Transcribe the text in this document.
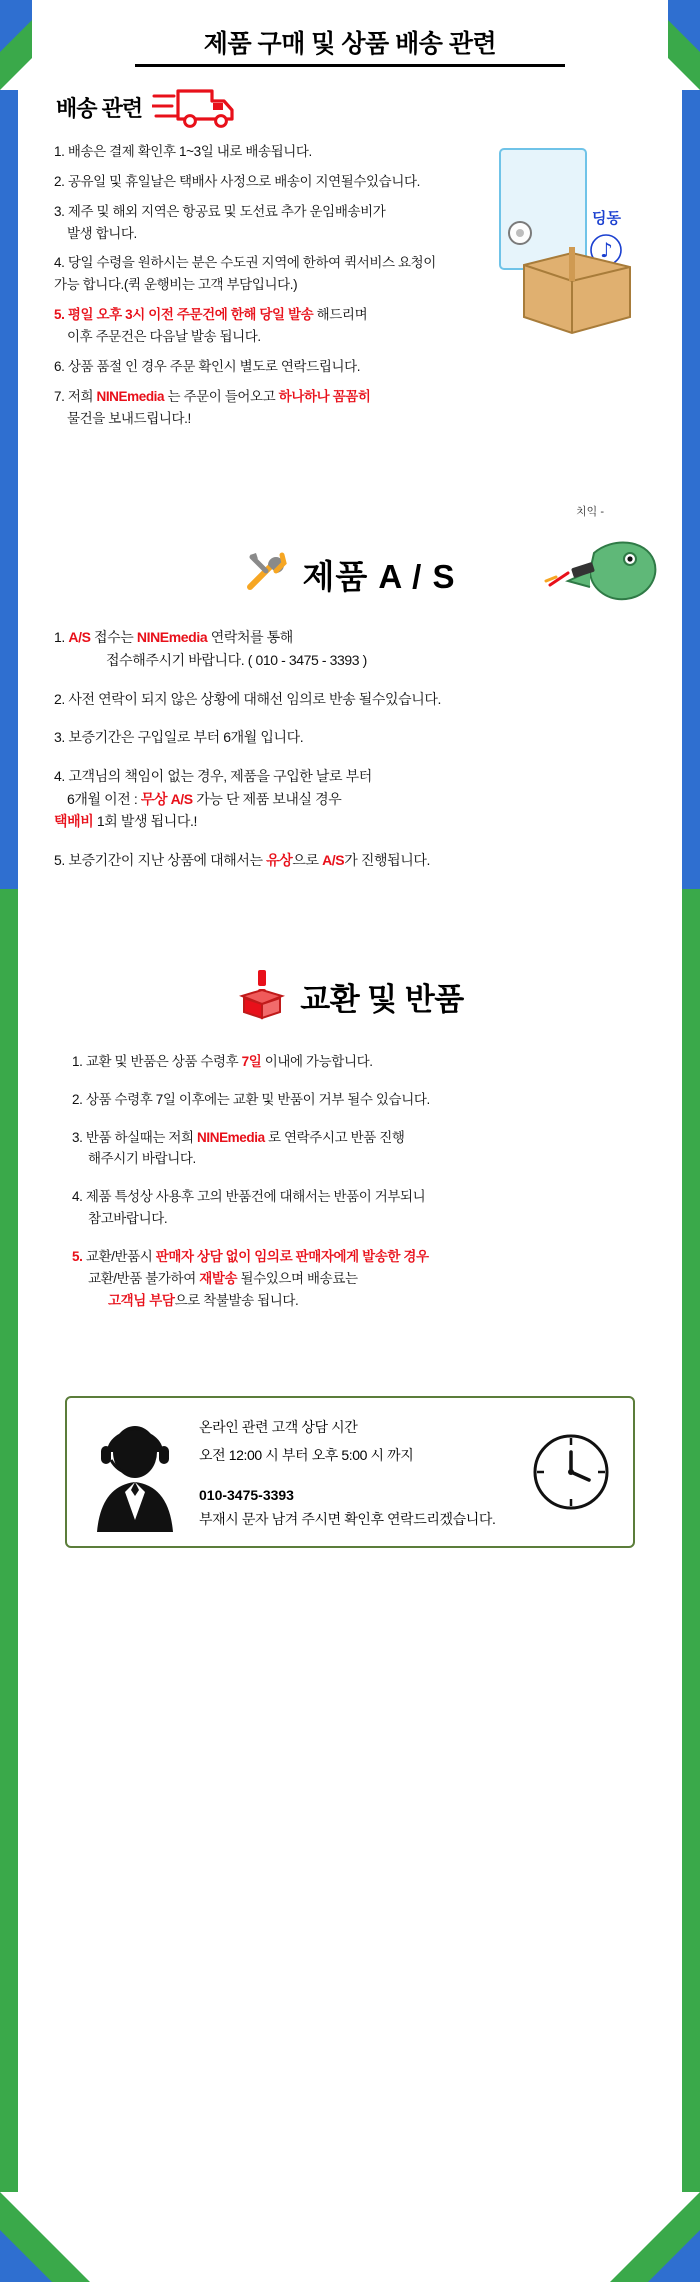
제품 구매 및 상품 배송 관련
배송 관련
딩동
♪
1. 배송은 결제 확인후 1~3일 내로 배송됩니다.
2. 공유일 및 휴일날은 택배사 사정으로 배송이 지연될수있습니다.
3. 제주 및 해외 지역은 항공료 및 도선료 추가 운임배송비가
발생 합니다.
4. 당일 수령을 원하시는 분은 수도권 지역에 한하여 퀵서비스 요청이
가능 합니다.(퀵 운행비는 고객 부담입니다.)
5. 평일 오후 3시 이전 주문건에 한해 당일 발송 해드리며
이후 주문건은 다음날 발송 됩니다.
6. 상품 품절 인 경우 주문 확인시 별도로 연락드립니다.
7. 저희 NINEmedia 는 주문이 들어오고 하나하나 꼼꼼히
물건을 보내드립니다.!
치익 -
제품 A / S
1. A/S 접수는 NINEmedia 연락처를 통해
접수해주시기 바랍니다. ( 010 - 3475 - 3393 )
2. 사전 연락이 되지 않은 상황에 대해선 임의로 반송 될수있습니다.
3. 보증기간은 구입일로 부터 6개월 입니다.
4. 고객님의 책임이 없는 경우, 제품을 구입한 날로 부터
6개월 이전 : 무상 A/S 가능 단 제품 보내실 경우
택배비 1회 발생 됩니다.!
5. 보증기간이 지난 상품에 대해서는 유상으로 A/S가 진행됩니다.
교환 및 반품
1. 교환 및 반품은 상품 수령후 7일 이내에 가능합니다.
2. 상품 수령후 7일 이후에는 교환 및 반품이 거부 될수 있습니다.
3. 반품 하실때는 저희 NINEmedia 로 연락주시고 반품 진행
해주시기 바랍니다.
4. 제품 특성상 사용후 고의 반품건에 대해서는 반품이 거부되니
참고바랍니다.
5. 교환/반품시 판매자 상담 없이 임의로 판매자에게 발송한 경우
교환/반품 불가하여 재발송 될수있으며 배송료는
고객님 부담으로 착불발송 됩니다.
온라인 관련 고객 상담 시간
오전 12:00 시 부터 오후 5:00 시 까지
010-3475-3393
부재시 문자 남겨 주시면 확인후 연락드리겠습니다.
